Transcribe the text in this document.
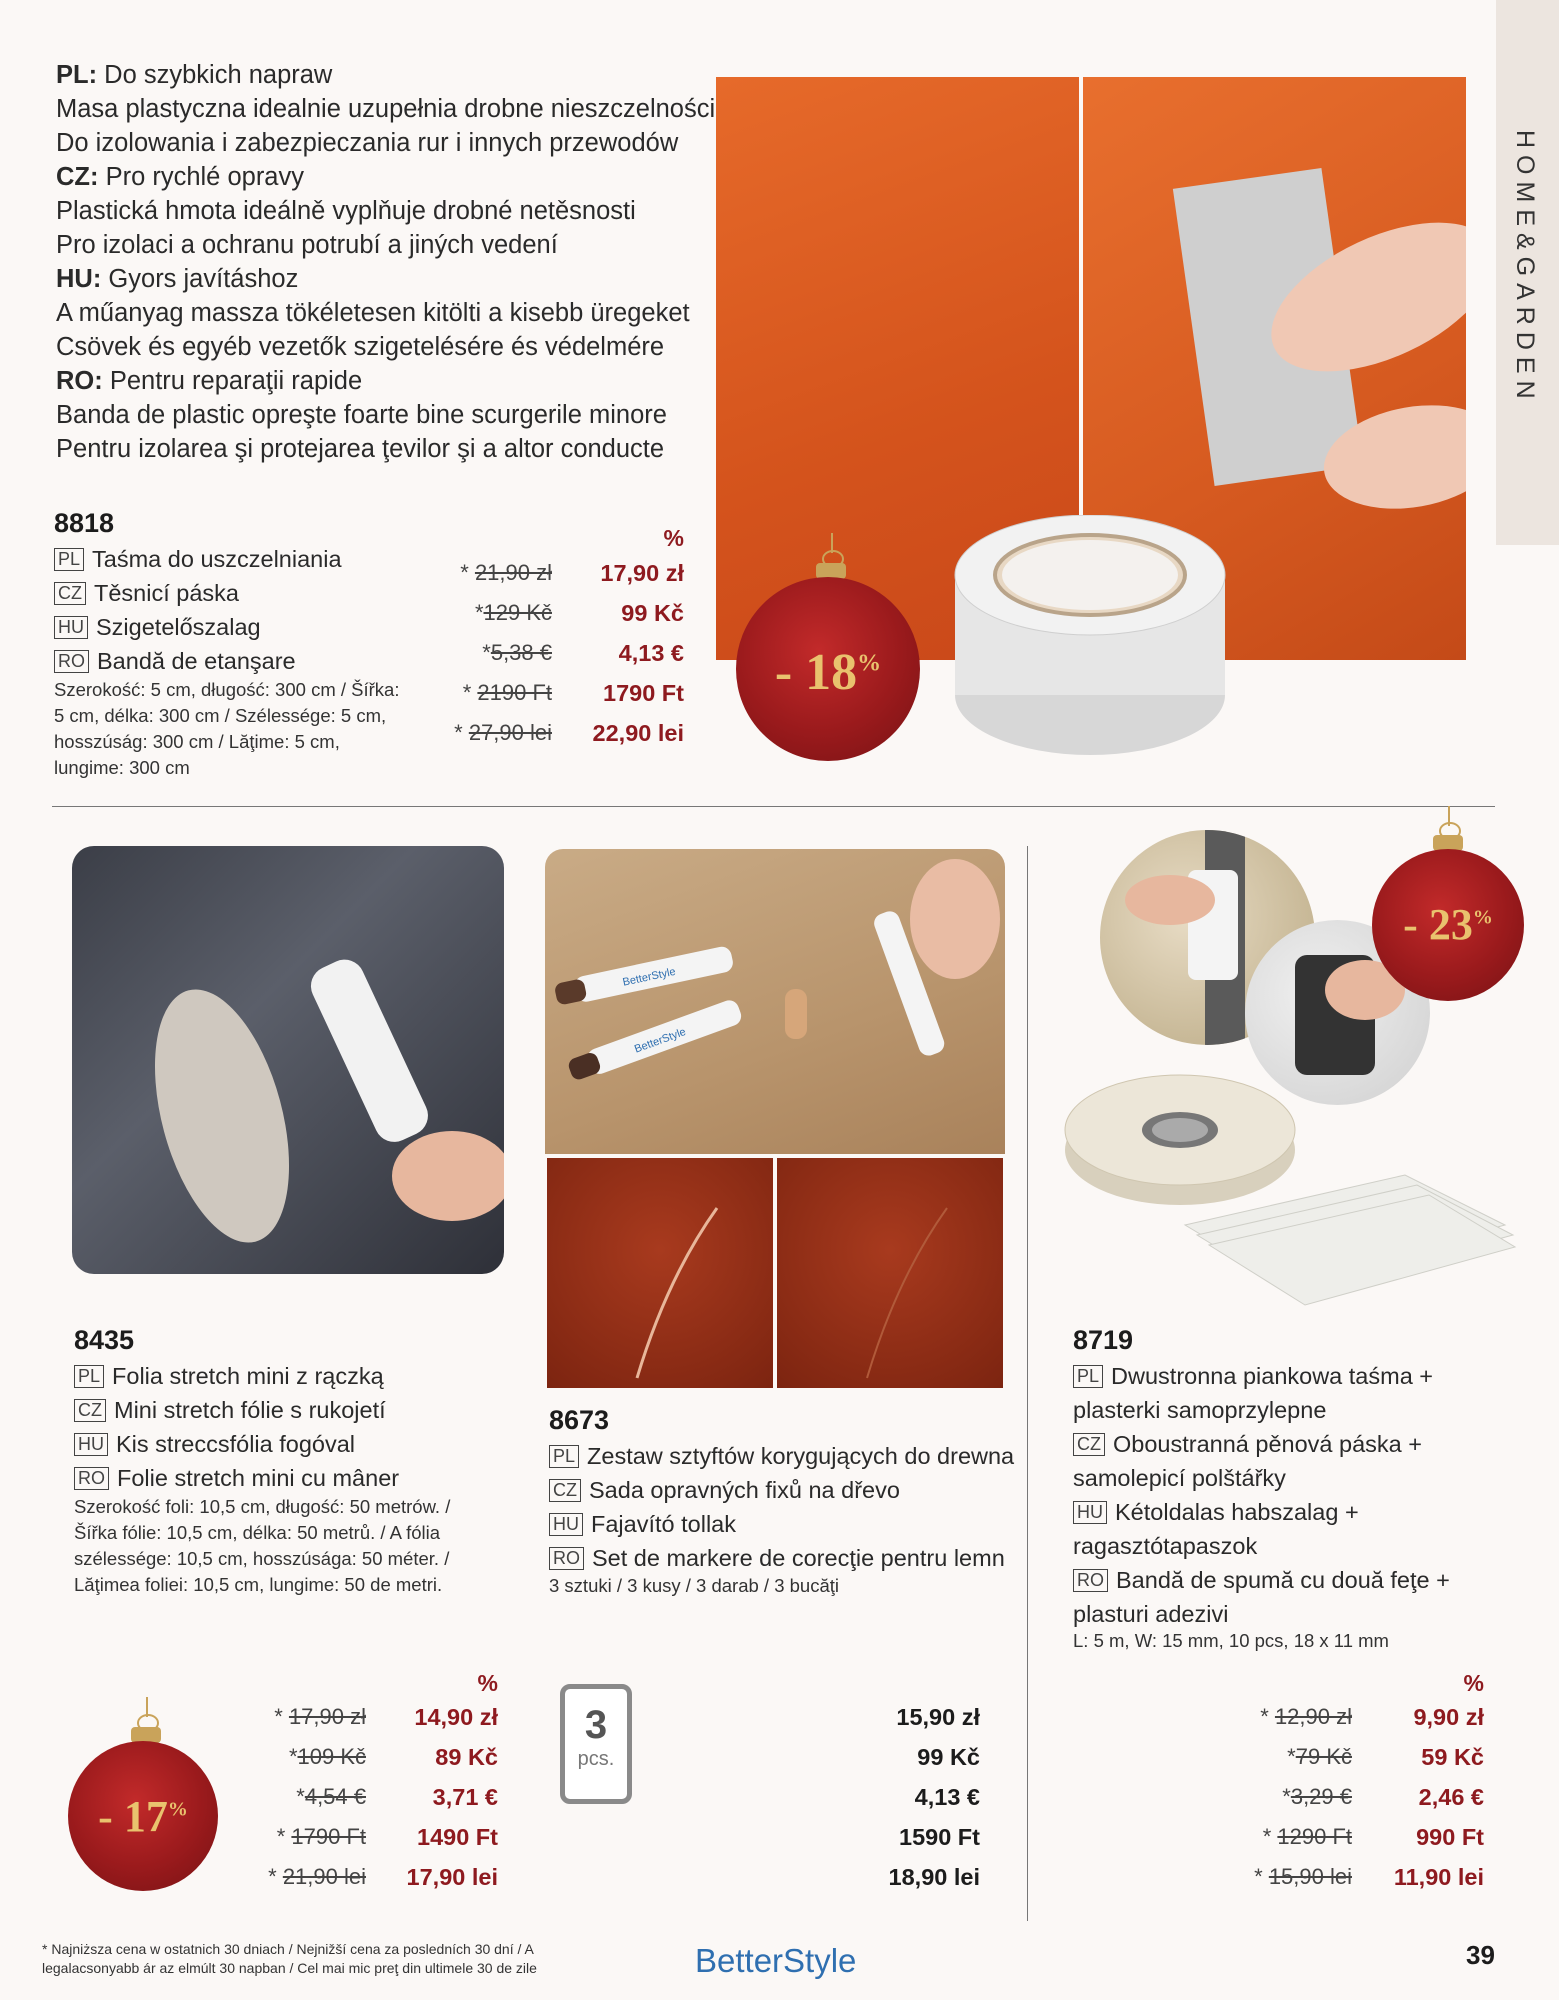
HOME&GARDEN
PL: Do szybkich napraw
Masa plastyczna idealnie uzupełnia drobne nieszczelności
Do izolowania i zabezpieczania rur i innych przewodów
CZ: Pro rychlé opravy
Plastická hmota ideálně vyplňuje drobné netěsnosti
Pro izolaci a ochranu potrubí a jiných vedení
HU: Gyors javításhoz
A műanyag massza tökéletesen kitölti a kisebb üregeket
Csövek és egyéb vezetők szigetelésére és védelmére
RO: Pentru reparaţii rapide
Banda de plastic opreşte foarte bine scurgerile minore
Pentru izolarea şi protejarea ţevilor şi a altor conducte
- 18%
8818
PL Taśma do uszczelniania
CZ Těsnicí páska
HU Szigetelőszalag
RO Bandă de etanşare
Szerokość: 5 cm, długość: 300 cm / Šířka: 5 cm, délka: 300 cm / Szélessége: 5 cm, hosszúság: 300 cm / Lăţime: 5 cm, lungime: 300 cm
%
* 21,90 zł
*129 Kč
*5,38 €
* 2190 Ft
* 27,90 lei
17,90 zł
99 Kč
4,13 €
1790 Ft
22,90 lei
- 17%
8435
PL Folia stretch mini z rączką
CZ Mini stretch fólie s rukojetí
HU Kis streccsfólia fogóval
RO Folie stretch mini cu mâner
Szerokość foli: 10,5 cm, długość: 50 metrów. / Šířka fólie: 10,5 cm, délka: 50 metrů. / A fólia szélessége: 10,5 cm, hosszúsága: 50 méter. / Lăţimea foliei: 10,5 cm, lungime: 50 de metri.
%
* 17,90 zł
*109 Kč
*4,54 €
* 1790 Ft
* 21,90 lei
14,90 zł
89 Kč
3,71 €
1490 Ft
17,90 lei
BetterStyle
BetterStyle
8673
PL Zestaw sztyftów korygujących do drewna
CZ Sada opravných fixů na dřevo
HU Fajavító tollak
RO Set de markere de corecţie pentru lemn
3 sztuki / 3 kusy / 3 darab / 3 bucăţi
3
pcs.
15,90 zł
99 Kč
4,13 €
1590 Ft
18,90 lei
- 23%
8719
PL Dwustronna piankowa taśma + plasterki samoprzylepne
CZ Oboustranná pěnová páska + samolepicí polštářky
HU Kétoldalas habszalag + ragasztótapaszok
RO Bandă de spumă cu două feţe + plasturi adezivi
L: 5 m, W: 15 mm, 10 pcs, 18 x 11 mm
%
* 12,90 zł
*79 Kč
*3,29 €
* 1290 Ft
* 15,90 lei
9,90 zł
59 Kč
2,46 €
990 Ft
11,90 lei
* Najniższa cena w ostatnich 30 dniach / Nejnižší cena za posledních 30 dní / A legalacsonyabb ár az elmúlt 30 napban / Cel mai mic preţ din ultimele 30 de zile	BetterStyle	39
